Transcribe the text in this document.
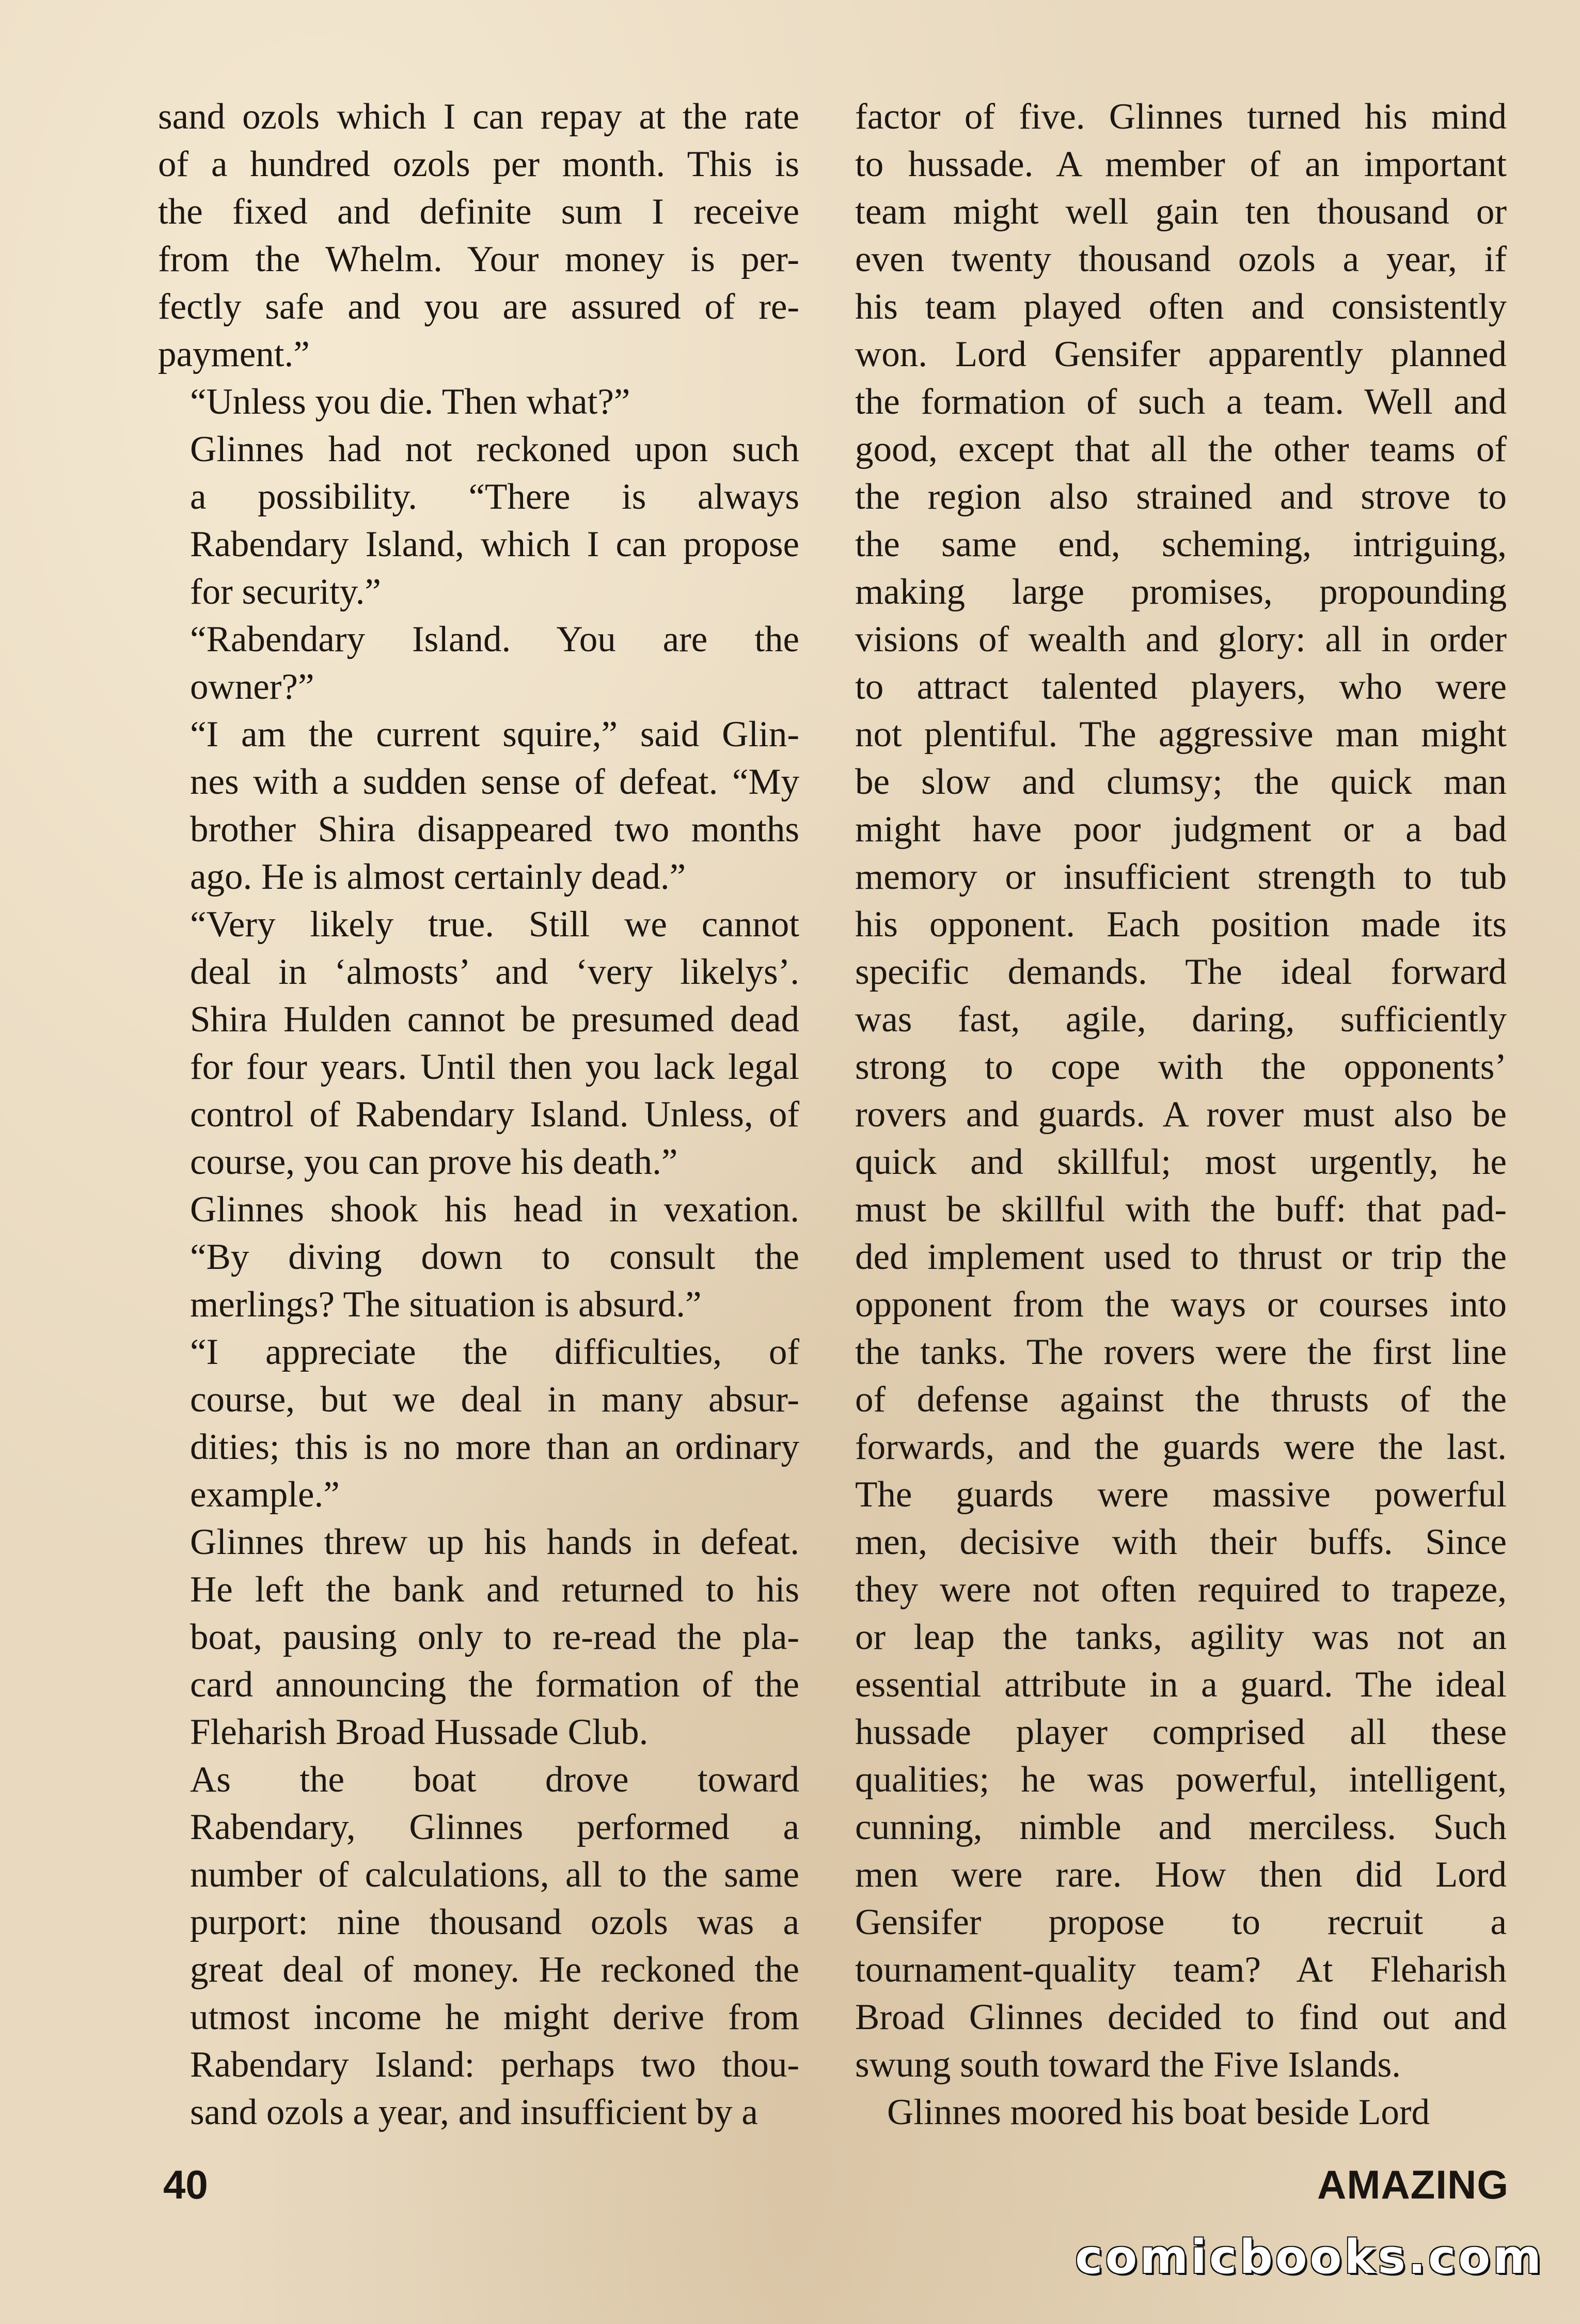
sand ozols which I can repay at the rate
of a hundred ozols per month. This is
the fixed and definite sum I receive
from the Whelm. Your money is per-
fectly safe and you are assured of re-
payment.”

“Unless you die. Then what?”

Glinnes had not reckoned upon such
a possibility. “There is always
Rabendary Island, which I can propose
for security.”

“Rabendary Island. You are the
owner?”

“I am the current squire,” said Glin-
nes with a sudden sense of defeat. “My
brother Shira disappeared two months
ago. He is almost certainly dead.”

“Very likely true. Still we cannot
deal in ‘almosts’ and ‘very likelys’.
Shira Hulden cannot be presumed dead
for four years. Until then you lack legal
control of Rabendary Island. Unless, of
course, you can prove his death.”

Glinnes shook his head in vexation.
“By diving down to consult the
merlings? The situation is absurd.”

“I appreciate the difficulties, of
course, but we deal in many absur-
dities; this is no more than an ordinary
example.”

Glinnes threw up his hands in defeat.
He left the bank and returned to his
boat, pausing only to re-read the pla-
card announcing the formation of the
Fleharish Broad Hussade Club.

As the boat drove toward
Rabendary, Glinnes performed a
number of calculations, all to the same
purport: nine thousand ozols was a
great deal of money. He reckoned the
utmost income he might derive from
Rabendary Island: perhaps two thou-
sand ozols a year, and insufficient by a

factor of five. Glinnes turned his mind
to hussade. A member of an important
team might well gain ten thousand or
even twenty thousand ozols a year, if
his team played often and consistently
won. Lord Gensifer apparently planned
the formation of such a team. Well and
good, except that all the other teams of
the region also strained and strove to
the same end, scheming, intriguing,
making large promises, propounding
visions of wealth and glory: all in order
to attract talented players, who were
not plentiful. The aggressive man might
be slow and clumsy; the quick man
might have poor judgment or a bad
memory or insufficient strength to tub
his opponent. Each position made its
specific demands. The ideal forward
was fast, agile, daring, sufficiently
strong to cope with the opponents’
rovers and guards. A rover must also be
quick and skillful; most urgently, he
must be skillful with the buff: that pad-
ded implement used to thrust or trip the
opponent from the ways or courses into
the tanks. The rovers were the first line
of defense against the thrusts of the
forwards, and the guards were the last.
The guards were massive powerful
men, decisive with their buffs. Since
they were not often required to trapeze,
or leap the tanks, agility was not an
essential attribute in a guard. The ideal
hussade player comprised all these
qualities; he was powerful, intelligent,
cunning, nimble and merciless. Such
men were rare. How then did Lord
Gensifer propose to recruit a
tournament-quality team? At Fleharish
Broad Glinnes decided to find out and
swung south toward the Five Islands.

Glinnes moored his boat beside Lord

40	AMAZING
comicbooks.com
